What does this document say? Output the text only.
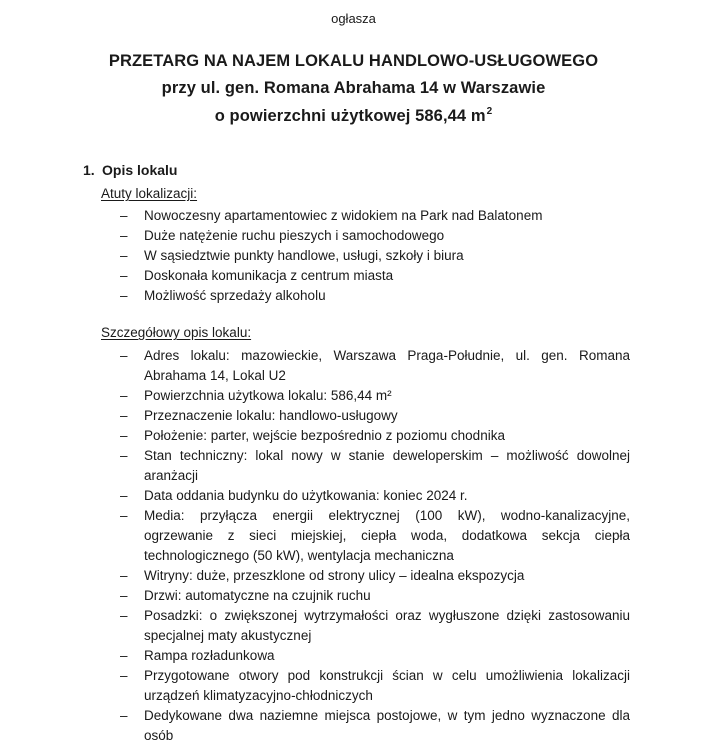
ogłasza
PRZETARG NA NAJEM LOKALU HANDLOWO-USŁUGOWEGO
przy ul. gen. Romana Abrahama 14 w Warszawie
o powierzchni użytkowej 586,44 $m^2$
1. Opis lokalu
Atuty lokalizacji:
– Nowoczesny apartamentowiec z widokiem na Park nad Balatonem
– Duże natężenie ruchu pieszych i samochodowego
– W sąsiedztwie punkty handlowe, usługi, szkoły i biura
– Doskonała komunikacja z centrum miasta
– Możliwość sprzedaży alkoholu
Szczegółowy opis lokalu:
– Adres lokalu: mazowieckie, Warszawa Praga-Południe, ul. gen. Romana Abrahama 14, Lokal U2
– Powierzchnia użytkowa lokalu: 586,44 m²
– Przeznaczenie lokalu: handlowo-usługowy
– Położenie: parter, wejście bezpośrednio z poziomu chodnika
– Stan techniczny: lokal nowy w stanie deweloperskim – możliwość dowolnej aranżacji
– Data oddania budynku do użytkowania: koniec 2024 r.
– Media: przyłącza energii elektrycznej (100 kW), wodno-kanalizacyjne, ogrzewanie z sieci miejskiej, ciepła woda, dodatkowa sekcja ciepła technologicznego (50 kW), wentylacja mechaniczna
– Witryny: duże, przeszklone od strony ulicy – idealna ekspozycja
– Drzwi: automatyczne na czujnik ruchu
– Posadzki: o zwiększonej wytrzymałości oraz wygłuszone dzięki zastosowaniu specjalnej maty akustycznej
– Rampa rozładunkowa
– Przygotowane otwory pod konstrukcji ścian w celu umożliwienia lokalizacji urządzeń klimatyzacyjno-chłodniczych
– Dedykowane dwa naziemne miejsca postojowe, w tym jedno wyznaczone dla osób
